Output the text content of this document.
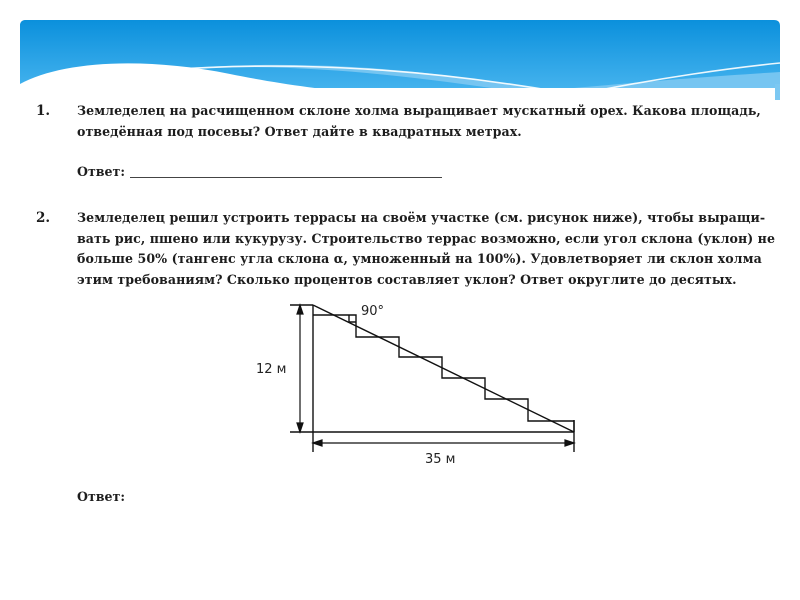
1. Земледелец на расчищенном склоне холма выращивает мускатный орех. Какова площадь,
отведённая под посевы? Ответ дайте в квадратных метрах.
Ответ:
2. Земледелец решил устроить террасы на своём участке (см. рисунок ниже), чтобы выращи-
вать рис, пшено или кукурузу. Строительство террас возможно, если угол склона (уклон) не
больше 50% (тангенс угла склона α, умноженный на 100%). Удовлетворяет ли склон холма
этим требованиям? Сколько процентов составляет уклон? Ответ округлите до десятых.
12 м
35 м
90°
Ответ:
